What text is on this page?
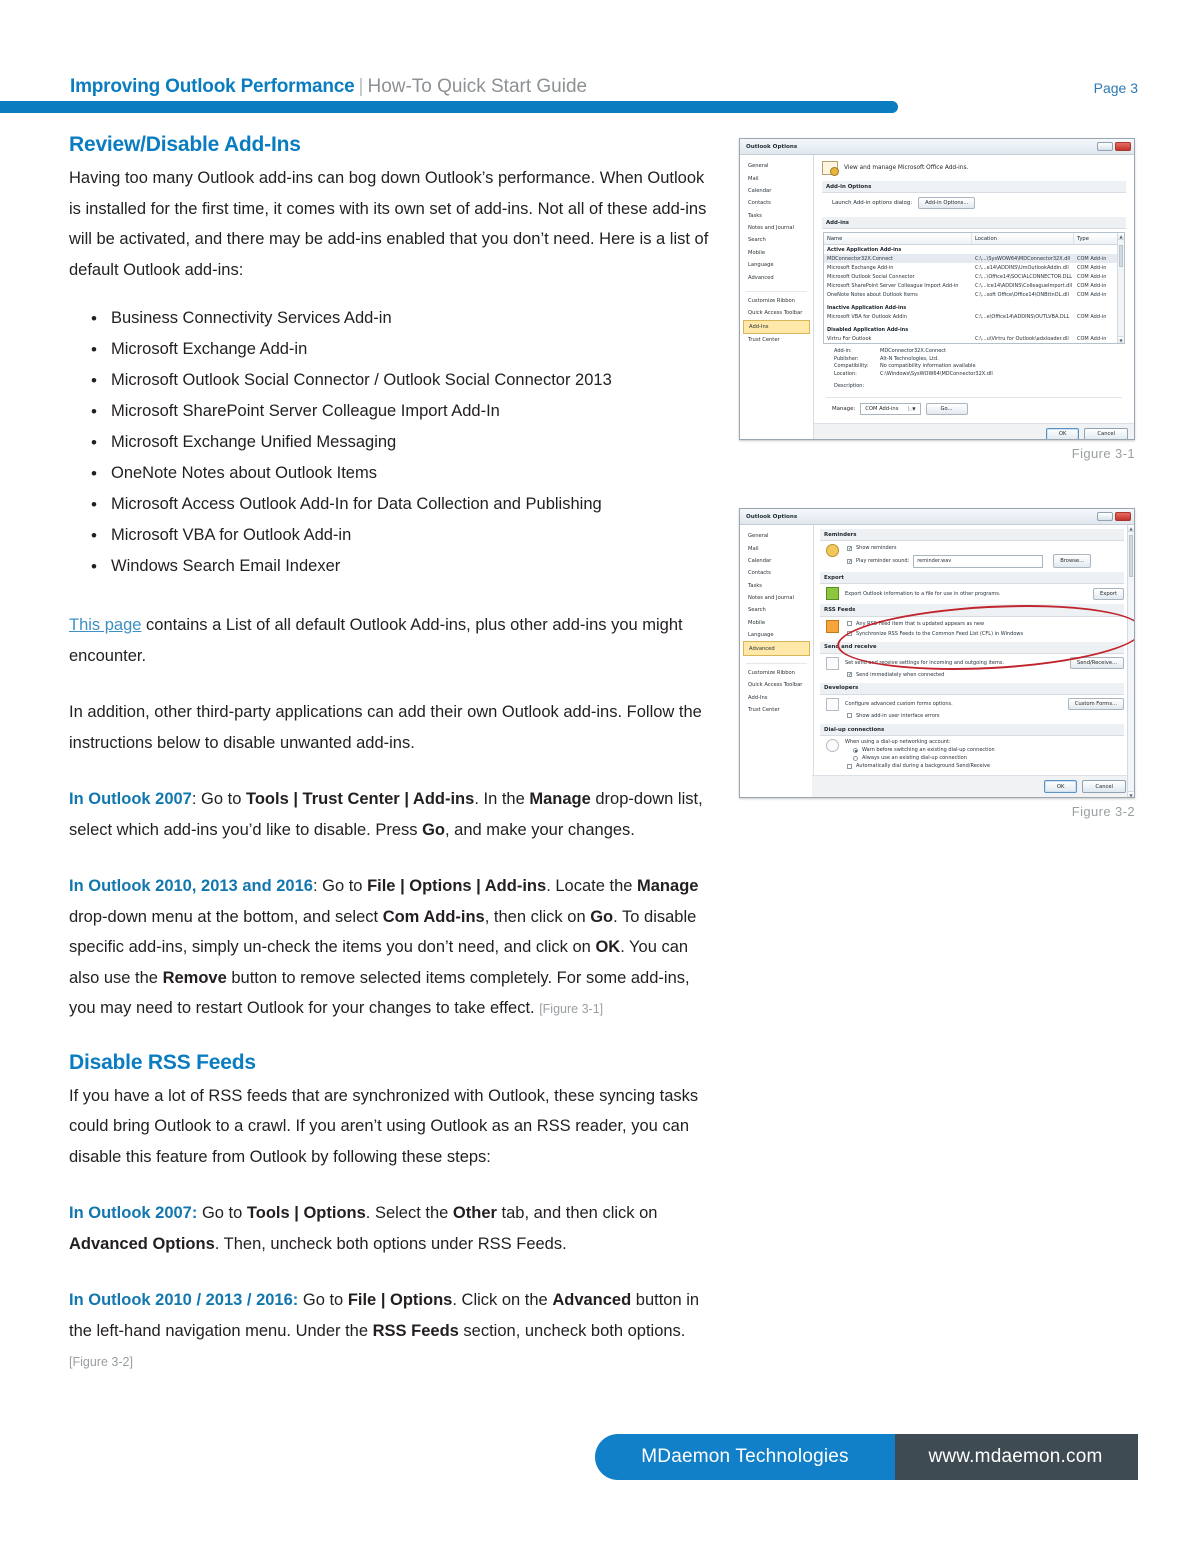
Improving Outlook Performance | How-To Quick Start Guide	Page 3
Review/Disable Add-Ins

Having too many Outlook add-ins can bog down Outlook’s performance. When Outlook is installed for the first time, it comes with its own set of add-ins. Not all of these add-ins will be activated, and there may be add-ins enabled that you don’t need. Here is a list of default Outlook add-ins:

• Business Connectivity Services Add-in
• Microsoft Exchange Add-in
• Microsoft Outlook Social Connector / Outlook Social Connector 2013
• Microsoft SharePoint Server Colleague Import Add-In
• Microsoft Exchange Unified Messaging
• OneNote Notes about Outlook Items
• Microsoft Access Outlook Add-In for Data Collection and Publishing
• Microsoft VBA for Outlook Add-in
• Windows Search Email Indexer

This page contains a List of all default Outlook Add-ins, plus other add-ins you might encounter.

In addition, other third-party applications can add their own Outlook add-ins. Follow the instructions below to disable unwanted add-ins.

In Outlook 2007: Go to Tools | Trust Center | Add-ins. In the Manage drop-down list, select which add-ins you’d like to disable. Press Go, and make your changes.

In Outlook 2010, 2013 and 2016: Go to File | Options | Add-ins. Locate the Manage drop-down menu at the bottom, and select Com Add-ins, then click on Go. To disable specific add-ins, simply un-check the items you don’t need, and click on OK. You can also use the Remove button to remove selected items completely. For some add-ins, you may need to restart Outlook for your changes to take effect. [Figure 3-1]

Disable RSS Feeds

If you have a lot of RSS feeds that are synchronized with Outlook, these syncing tasks could bring Outlook to a crawl. If you aren’t using Outlook as an RSS reader, you can disable this feature from Outlook by following these steps:

In Outlook 2007: Go to Tools | Options. Select the Other tab, and then click on Advanced Options. Then, uncheck both options under RSS Feeds.

In Outlook 2010 / 2013 / 2016: Go to File | Options. Click on the Advanced button in the left-hand navigation menu. Under the RSS Feeds section, uncheck both options. [Figure 3-2]

Outlook Options
General
Mail
Calendar
Contacts
Tasks
Notes and Journal
Search
Mobile
Language
Advanced
Customize Ribbon
Quick Access Toolbar
Add-Ins
Trust Center
View and manage Microsoft Office Add-ins.
Add-in Options
Launch Add-in options dialog:	Add-in Options...
Add-ins
Name	Location	Type
Active Application Add-ins
MDConnector32X.Connect	C:\...\SysWOW64\MDConnector32X.dll	COM Add-in
Microsoft Exchange Add-in	C:\...e14\ADDINS\UmOutlookAddin.dll	COM Add-in
Microsoft Outlook Social Connector	C:\...\Office14\SOCIALCONNECTOR.DLL COM Add-in
Microsoft SharePoint Server Colleague Import Add-in	C:\...ice14\ADDINS\ColleagueImport.dll COM Add-in
OneNote Notes about Outlook Items	C:\...soft Office\Office14\ONBttnOL.dll	COM Add-in
Inactive Application Add-ins
Microsoft VBA for Outlook Addin	C:\...e\Office14\ADDINS\OUTLVBA.DLL	COM Add-in
Disabled Application Add-ins
Virtru For Outlook	C:\...u\Virtru for Outlook\adxloader.dll	COM Add-in
▲
▼
Add-in:	MDConnector32X.Connect
Publisher:	Alt-N Technologies, Ltd.
Compatibility:	No compatibility information available
Location:	C:\Windows\SysWOW64\MDConnector32X.dll
Description:
Manage: COM Add-ins	▼	Go...
OK	Cancel
Figure 3-1
Outlook Options
General
Mail
Calendar
Contacts
Tasks
Notes and Journal
Search
Mobile
Language
Advanced
Customize Ribbon
Quick Access Toolbar
Add-Ins
Trust Center
Reminders
✓
Show reminders
✓
Play reminder sound:	reminder.wav	Browse...
Export
Export Outlook information to a file for use in other programs.	Export
RSS Feeds
Any RSS Feed item that is updated appears as new
Synchronize RSS Feeds to the Common Feed List (CFL) in Windows
Send and receive
Set send and receive settings for incoming and outgoing items.	Send/Receive...
✓
Send immediately when connected
Developers
Configure advanced custom forms options.	Custom Forms...
Show add-in user interface errors
Dial-up connections
When using a dial-up networking account:
Warn before switching an existing dial-up connection
Always use an existing dial-up connection
Automatically dial during a background Send/Receive
OK	Cancel
▲
▼
Figure 3-2
www.mdaemon.com
MDaemon Technologies
